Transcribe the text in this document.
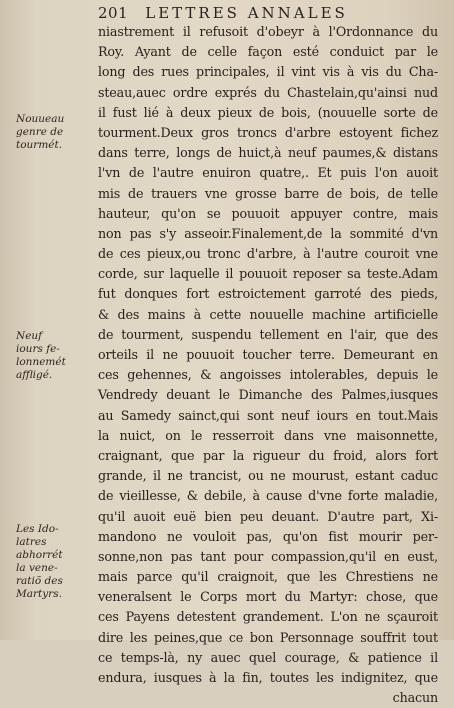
201 LETTRES ANNALES
niastrement il refusoit d'obeyr à l'Ordonnance du
Roy. Ayant de celle façon esté conduict par le
long des rues principales, il vint vis à vis du Cha-
steau,auec ordre exprés du Chastelain,qu'ainsi nud
il fust lié à deux pieux de bois, (nouuelle sorte de
tourment.Deux gros troncs d'arbre estoyent fichez
dans terre, longs de huict,à neuf paumes,& distans
l'vn de l'autre enuiron quatre,. Et puis l'on auoit
mis de trauers vne grosse barre de bois, de telle
hauteur, qu'on se pouuoit appuyer contre, mais
non pas s'y asseoir.Finalement,de la sommité d'vn
de ces pieux,ou tronc d'arbre, à l'autre couroit vne
corde, sur laquelle il pouuoit reposer sa teste.Adam
fut donques fort estroictement garroté des pieds,
& des mains à cette nouuelle machine artificielle
de tourment, suspendu tellement en l'air, que des
orteils il ne pouuoit toucher terre. Demeurant en
ces gehennes, & angoisses intolerables, depuis le
Vendredy deuant le Dimanche des Palmes,iusques
au Samedy sainct,qui sont neuf iours en tout.Mais
la nuict, on le resserroit dans vne maisonnette,
craignant, que par la rigueur du froid, alors fort
grande, il ne trancist, ou ne mourust, estant caduc
de vieillesse, & debile, à cause d'vne forte maladie,
qu'il auoit euë bien peu deuant. D'autre part, Xi-
mandono ne vouloit pas, qu'on fist mourir per-
sonne,non pas tant pour compassion,qu'il en eust,
mais parce qu'il craignoit, que les Chrestiens ne
veneralsent le Corps mort du Martyr: chose, que
ces Payens detestent grandement. L'on ne sçauroit
dire les peines,que ce bon Personnage souffrit tout
ce temps-là, ny auec quel courage, & patience il
endura, iusques à la fin, toutes les indignitez, que
chacun
Nouueau
genre de
tourmét.
Neuf
iours fe-
lonnemét
affligé.
Les Ido-
latres
abhorrét
la vene-
ratiõ des
Martyrs.
